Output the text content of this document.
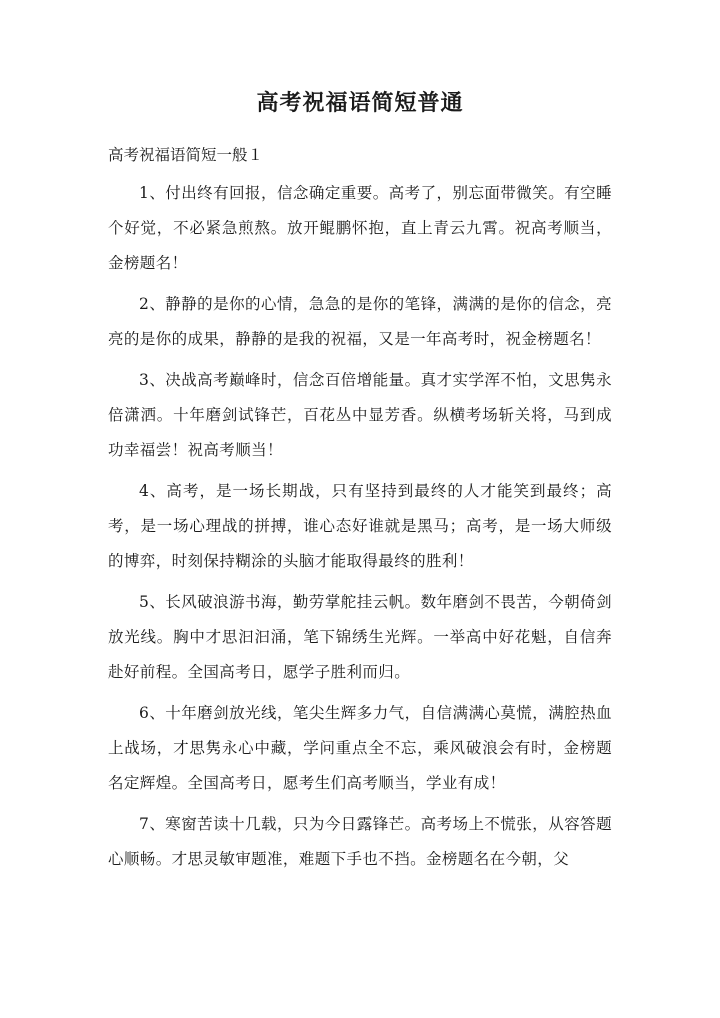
高考祝福语简短普通

高考祝福语简短一般１

1、付出终有回报，信念确定重要。高考了，别忘面带微笑。有空睡个好觉，不必紧急煎熬。放开鲲鹏怀抱，直上青云九霄。祝高考顺当，金榜题名！

2、静静的是你的心情，急急的是你的笔锋，满满的是你的信念，亮亮的是你的成果，静静的是我的祝福，又是一年高考时，祝金榜题名！

3、决战高考巅峰时，信念百倍增能量。真才实学浑不怕，文思隽永倍潇洒。十年磨剑试锋芒，百花丛中显芳香。纵横考场斩关将，马到成功幸福尝！祝高考顺当！

4、高考，是一场长期战，只有坚持到最终的人才能笑到最终；高考，是一场心理战的拼搏，谁心态好谁就是黑马；高考，是一场大师级的博弈，时刻保持糊涂的头脑才能取得最终的胜利！

5、长风破浪游书海，勤劳掌舵挂云帆。数年磨剑不畏苦，今朝倚剑放光线。胸中才思汩汩涌，笔下锦绣生光辉。一举高中好花魁，自信奔赴好前程。全国高考日，愿学子胜利而归。

6、十年磨剑放光线，笔尖生辉多力气，自信满满心莫慌，满腔热血上战场，才思隽永心中藏，学问重点全不忘，乘风破浪会有时，金榜题名定辉煌。全国高考日，愿考生们高考顺当，学业有成！

7、寒窗苦读十几载，只为今日露锋芒。高考场上不慌张，从容答题心顺畅。才思灵敏审题准，难题下手也不挡。金榜题名在今朝，父
